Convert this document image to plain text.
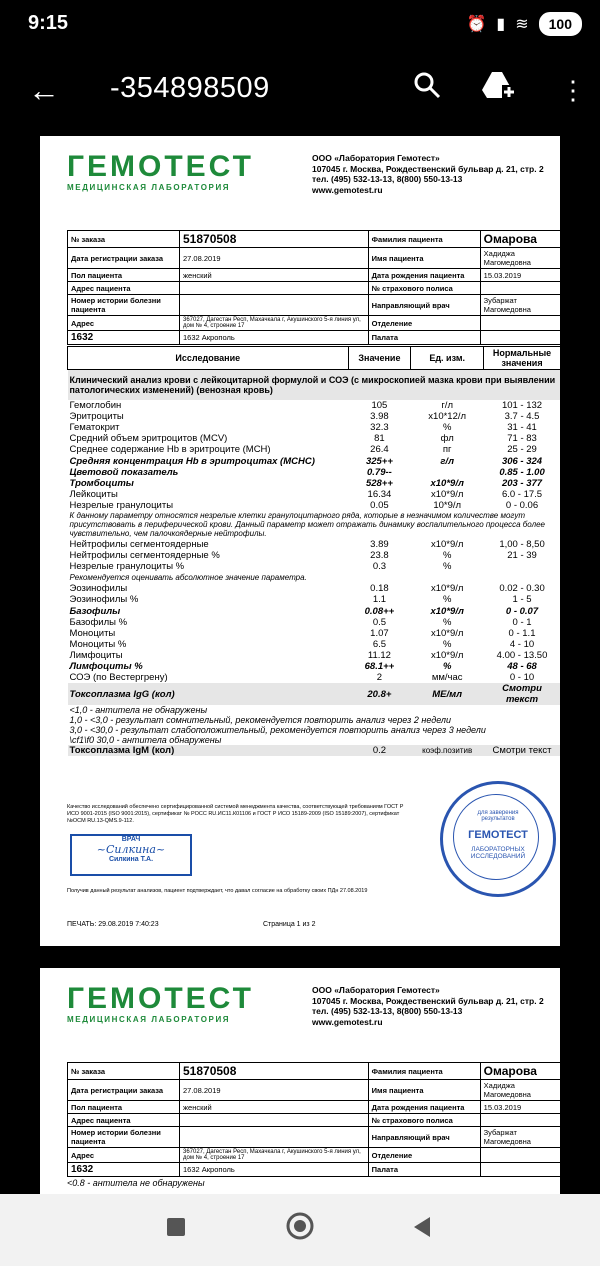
9:15	⏰ ▮ ≋	100
← -354898509	⋮
ГЕМОТЕСТ
МЕДИЦИНСКАЯ ЛАБОРАТОРИЯ
ООО «Лаборатория Гемотест»
107045 г. Москва, Рождественский бульвар д. 21, стр. 2
тел. (495) 532-13-13, 8(800) 550-13-13
www.gemotest.ru
№ заказа	51870508	Фамилия пациента	Омарова
Дата регистрации заказа	27.08.2019	Имя пациента	Хадиджа Магомедовна
Пол пациента	женский	Дата рождения пациента	15.03.2019
Адрес пациента		№ страхового полиса	
Номер истории болезни пациента		Направляющий врач	Зубаржат Магомедовна
Адрес	367027, Дагестан Респ, Махачкала г, Акушинского 5-я линия ул, дом № 4, строение 17	Отделение	
1632	1632 Акрополь	Палата	
Исследование	Значение	Ед. изм.	Нормальные значения
Клинический анализ крови с лейкоцитарной формулой и СОЭ (с микроскопией мазка крови при выявлении патологических изменений) (венозная кровь)			
Гемоглобин	105	г/л	101 - 132
Эритроциты	3.98	x10*12/л	3.7 - 4.5
Гематокрит	32.3	%	31 - 41
Средний объем эритроцитов (MCV)	81	фл	71 - 83
Среднее содержание Hb в эритроците (MCH)	26.4	пг	25 - 29
Средняя концентрация Hb в эритроцитах (MCHC)	325++	г/л	306 - 324
Цветовой показатель	0.79--		0.85 - 1.00
Тромбоциты	528++	x10*9/л	203 - 377
Лейкоциты	16.34	x10*9/л	6.0 - 17.5
Незрелые гранулоциты	0.05	10*9/л	0 - 0.06
К данному параметру относятся незрелые клетки гранулоцитарного ряда, которые в незначимом количестве могут присутствовать в периферической крови. Данный параметр может отражать динамику воспалительного процесса более чувствительно, чем палочкоядерные нейтрофилы.			
Нейтрофилы сегментоядерные	3.89	x10*9/л	1,00 - 8,50
Нейтрофилы сегментоядерные %	23.8	%	21 - 39
Незрелые гранулоциты %	0.3	%	
Рекомендуется оценивать абсолютное значение параметра.			
Эозинофилы	0.18	x10*9/л	0.02 - 0.30
Эозинофилы %	1.1	%	1 - 5
Базофилы	0.08++	x10*9/л	0 - 0.07
Базофилы %	0.5	%	0 - 1
Моноциты	1.07	x10*9/л	0 - 1.1
Моноциты %	6.5	%	4 - 10
Лимфоциты	11.12	x10*9/л	4.00 - 13.50
Лимфоциты %	68.1++	%	48 - 68
СОЭ (по Вестергрену)	2	мм/час	0 - 10
Токсоплазма IgG (кол)	20.8+	МЕ/мл	Смотри текст

<1,0 - антитела не обнаружены
1,0 - <3,0 - результат сомнительный, рекомендуется повторить анализ через 2 недели
3,0 - <30,0 - результат слабоположительный, рекомендуется повторить анализ через 3 недели
\cf1\f0 30,0 - антитела обнаружены			

Токсоплазма IgM (кол)	0.2	коэф.позитив	Смотри текст
Качество исследований обеспечено сертифицированной системой менеджмента качества, соответствующей требованиям ГОСТ Р ИСО 9001-2015 (ISO 9001:2015), сертификат № РОСС RU.ИС11.К01106 и ГОСТ Р ИСО 15189-2009 (ISO 15189:2007), сертификат №ОСМ RU.13-QMS.9-112.
ВРАЧ
~Силкина~
Силкина Т.А.
для заверения результатов
ГЕМОТЕСТ
ЛАБОРАТОРНЫХ ИССЛЕДОВАНИЙ
Получив данный результат анализов, пациент подтверждает, что давал согласие на обработку своих ПДн 27.08.2019
ПЕЧАТЬ: 29.08.2019 7:40:23	Страница 1 из 2
ГЕМОТЕСТ
МЕДИЦИНСКАЯ ЛАБОРАТОРИЯ
ООО «Лаборатория Гемотест»
107045 г. Москва, Рождественский бульвар д. 21, стр. 2
тел. (495) 532-13-13, 8(800) 550-13-13
www.gemotest.ru
№ заказа	51870508	Фамилия пациента	Омарова
Дата регистрации заказа	27.08.2019	Имя пациента	Хадиджа Магомедовна
Пол пациента	женский	Дата рождения пациента	15.03.2019
Адрес пациента		№ страхового полиса	
Номер истории болезни пациента		Направляющий врач	Зубаржат Магомедовна
Адрес	367027, Дагестан Респ, Махачкала г, Акушинского 5-я линия ул, дом № 4, строение 17	Отделение	
1632	1632 Акрополь	Палата	
<0.8 - антитела не обнаружены
